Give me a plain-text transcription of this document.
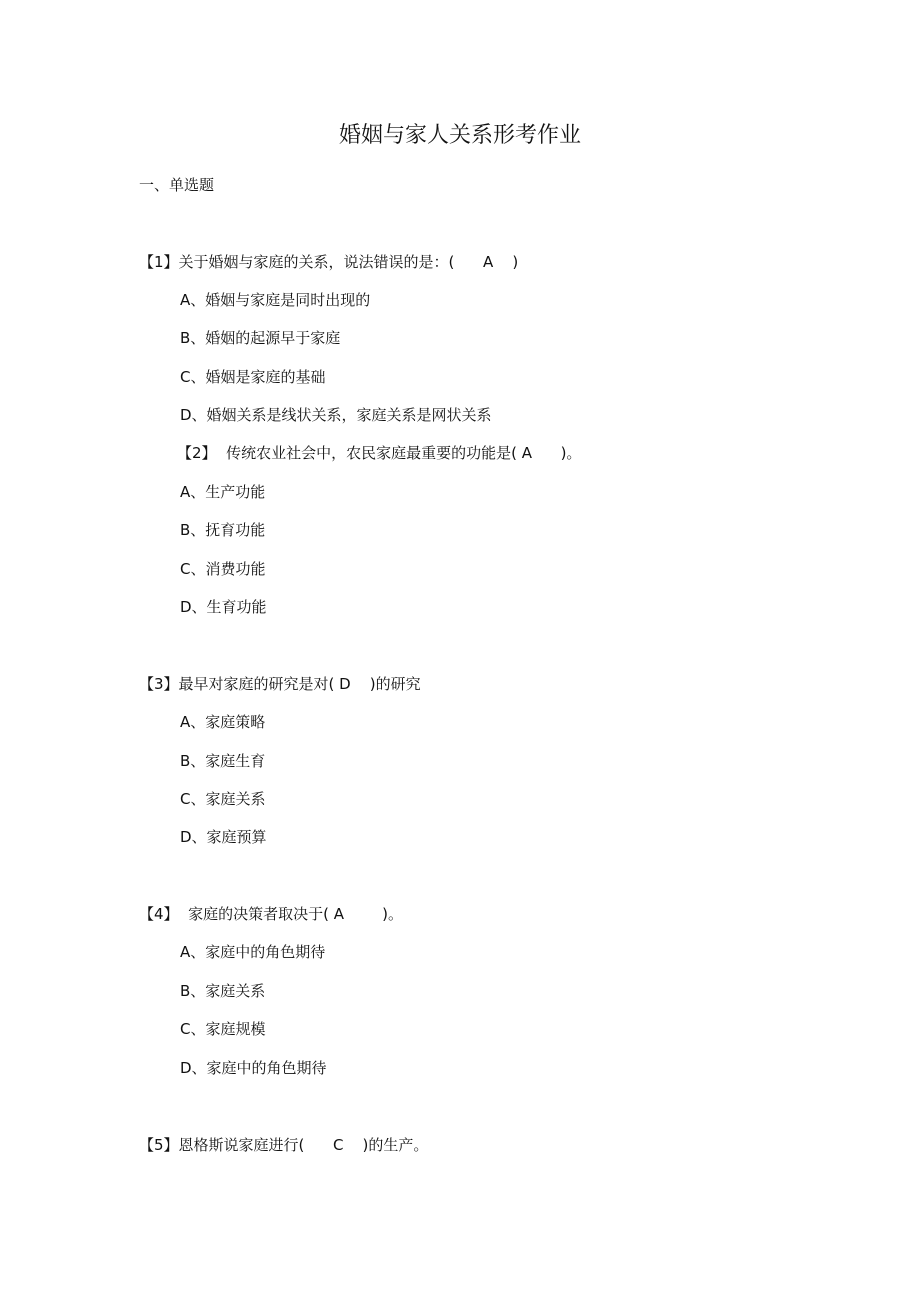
婚姻与家人关系形考作业
一、单选题
【1】关于婚姻与家庭的关系，说法错误的是：(      A    )
A、婚姻与家庭是同时出现的
B、婚姻的起源早于家庭
C、婚姻是家庭的基础
D、婚姻关系是线状关系，家庭关系是网状关系
【2】  传统农业社会中，农民家庭最重要的功能是( A      )。
A、生产功能
B、抚育功能
C、消费功能
D、生育功能
【3】最早对家庭的研究是对( D    )的研究
A、家庭策略
B、家庭生育
C、家庭关系
D、家庭预算
【4】  家庭的决策者取决于( A        )。
A、家庭中的角色期待
B、家庭关系
C、家庭规模
D、家庭中的角色期待
【5】恩格斯说家庭进行(      C    )的生产。
